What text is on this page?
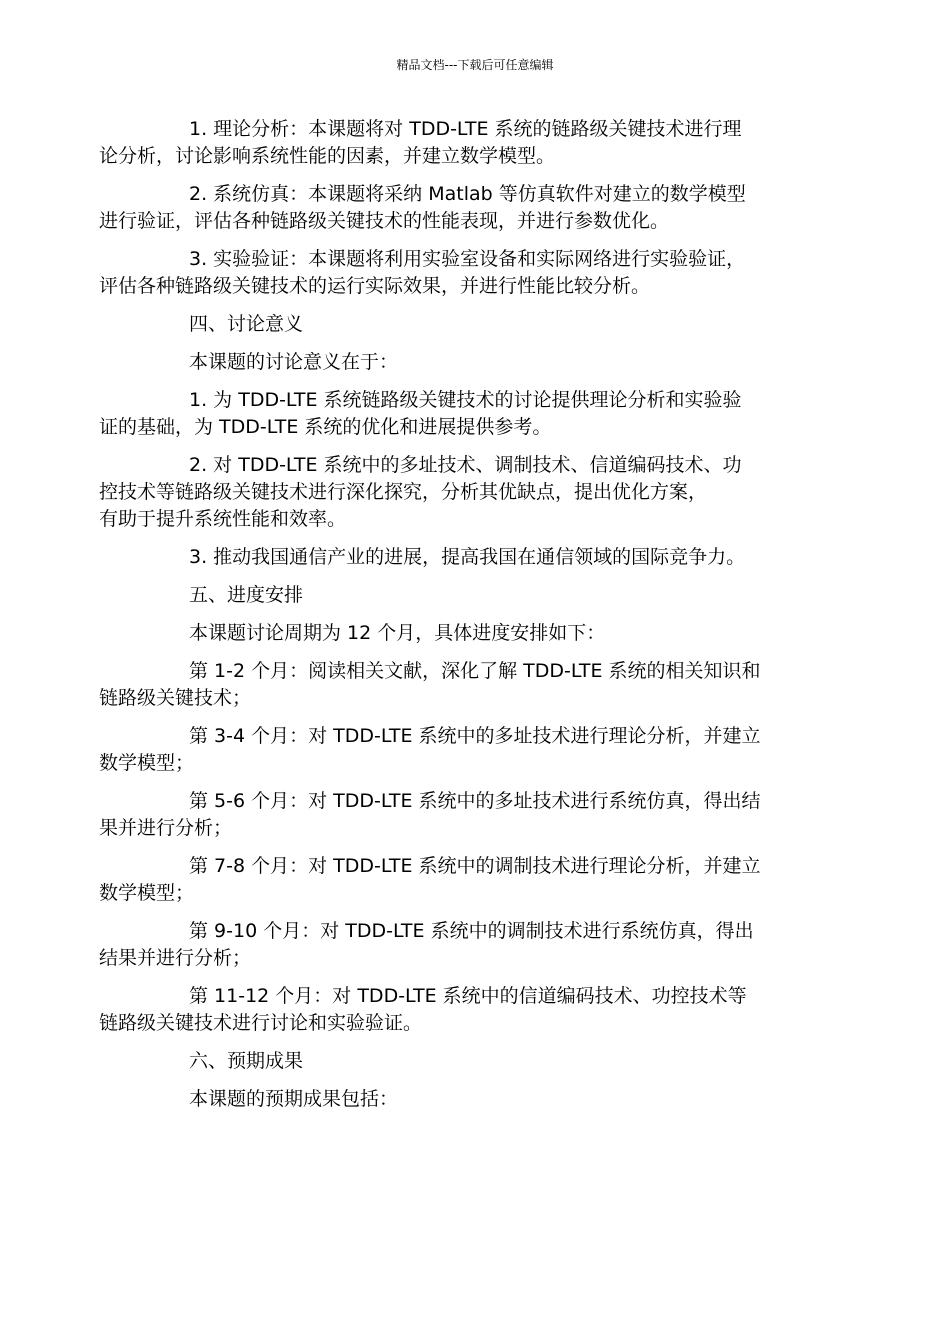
精品文档---下载后可任意编辑

1. 理论分析：本课题将对 TDD-LTE 系统的链路级关键技术进行理
论分析，讨论影响系统性能的因素，并建立数学模型。

2. 系统仿真：本课题将采纳 Matlab 等仿真软件对建立的数学模型
进行验证，评估各种链路级关键技术的性能表现，并进行参数优化。

3. 实验验证：本课题将利用实验室设备和实际网络进行实验验证，
评估各种链路级关键技术的运行实际效果，并进行性能比较分析。

四、讨论意义

本课题的讨论意义在于：

1. 为 TDD-LTE 系统链路级关键技术的讨论提供理论分析和实验验
证的基础，为 TDD-LTE 系统的优化和进展提供参考。

2. 对 TDD-LTE 系统中的多址技术、调制技术、信道编码技术、功
控技术等链路级关键技术进行深化探究，分析其优缺点，提出优化方案，
有助于提升系统性能和效率。

3. 推动我国通信产业的进展，提高我国在通信领域的国际竞争力。

五、进度安排

本课题讨论周期为 12 个月，具体进度安排如下：

第 1-2 个月：阅读相关文献，深化了解 TDD-LTE 系统的相关知识和
链路级关键技术；

第 3-4 个月：对 TDD-LTE 系统中的多址技术进行理论分析，并建立
数学模型；

第 5-6 个月：对 TDD-LTE 系统中的多址技术进行系统仿真，得出结
果并进行分析；

第 7-8 个月：对 TDD-LTE 系统中的调制技术进行理论分析，并建立
数学模型；

第 9-10 个月：对 TDD-LTE 系统中的调制技术进行系统仿真，得出
结果并进行分析；

第 11-12 个月：对 TDD-LTE 系统中的信道编码技术、功控技术等
链路级关键技术进行讨论和实验验证。

六、预期成果

本课题的预期成果包括：
